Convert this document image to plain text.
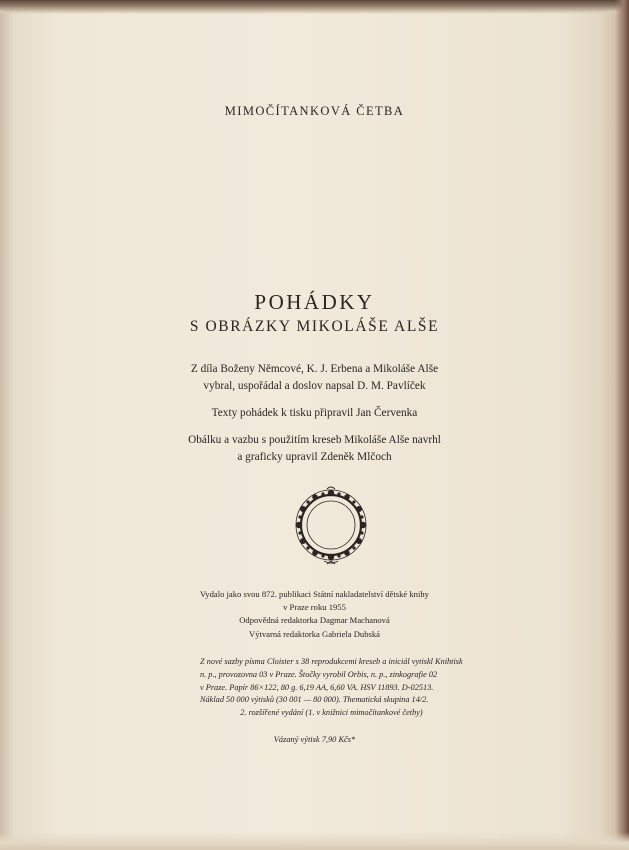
MIMOČÍTANKOVÁ ČETBA
POHÁDKY
S OBRÁZKY MIKOLÁŠE ALŠE

Z díla Boženy Němcové, K. J. Erbena a Mikoláše Alše

vybral, uspořádal a doslov napsal D. M. Pavlíček

Texty pohádek k tisku připravil Jan Červenka

Obálku a vazbu s použitím kreseb Mikoláše Alše navrhl

a graficky upravil Zdeněk Mlčoch

Vydalo jako svou 872. publikaci Státní nakladatelství dětské knihy

v Praze roku 1955

Odpovědná redaktorka Dagmar Machanová

Výtvarná redaktorka Gabriela Dubská

Z nové sazby písma Cloister s 38 reprodukcemi kreseb a iniciál vytiskl Knihtisk

n. p., provozovna 03 v Praze. Štočky vyrobil Orbis, n. p., zinkografie 02

v Praze. Papír 86×122, 80 g. 6,19 AA, 6,60 VA. HSV 11893. D-02513.

Náklad 50 000 výtisků (30 001 — 80 000). Thematická skupina 14/2.

2. rozšířené vydání (1. v knižnici mimočítankové četby)

Vázaný výtisk 7,90 Kčs*
